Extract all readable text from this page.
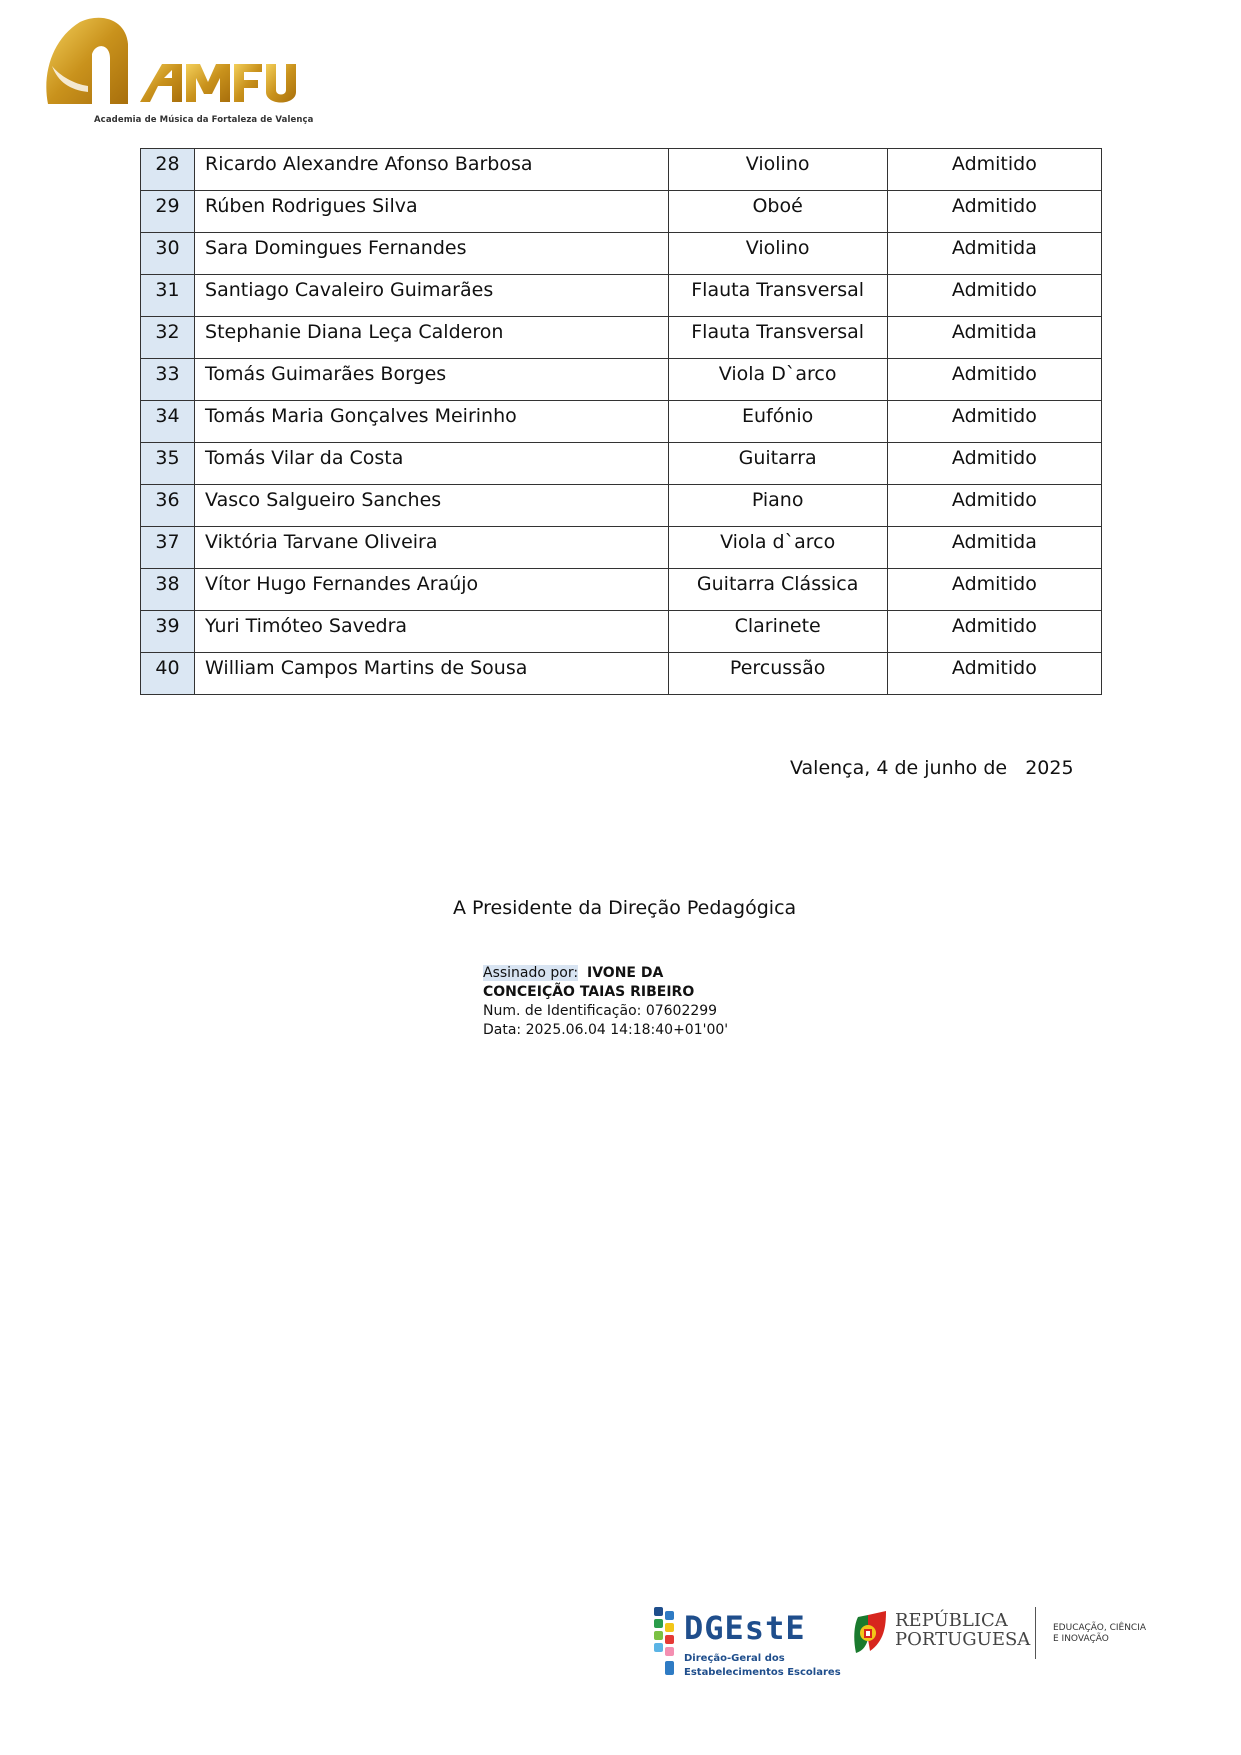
Academia de Música da Fortaleza de Valença
28	Ricardo Alexandre Afonso Barbosa	Violino	Admitido
29	Rúben Rodrigues Silva	Oboé	Admitido
30	Sara Domingues Fernandes	Violino	Admitida
31	Santiago Cavaleiro Guimarães	Flauta Transversal	Admitido
32	Stephanie Diana Leça Calderon	Flauta Transversal	Admitida
33	Tomás Guimarães Borges	Viola D`arco	Admitido
34	Tomás Maria Gonçalves Meirinho	Eufónio	Admitido
35	Tomás Vilar da Costa	Guitarra	Admitido
36	Vasco Salgueiro Sanches	Piano	Admitido
37	Viktória Tarvane Oliveira	Viola d`arco	Admitida
38	Vítor Hugo Fernandes Araújo	Guitarra Clássica	Admitido
39	Yuri Timóteo Savedra	Clarinete	Admitido
40	William Campos Martins de Sousa	Percussão	Admitido
Valença, 4 de junho de   2025
A Presidente da Direção Pedagógica
Assinado por: IVONE DA
CONCEIÇÃO TAIAS RIBEIRO
Num. de Identificação: 07602299
Data: 2025.06.04 14:18:40+01'00'
DGEstE
Direção-Geral dos
Estabelecimentos Escolares
REPÚBLICA
PORTUGUESA
EDUCAÇÃO, CIÊNCIA
E INOVAÇÃO
